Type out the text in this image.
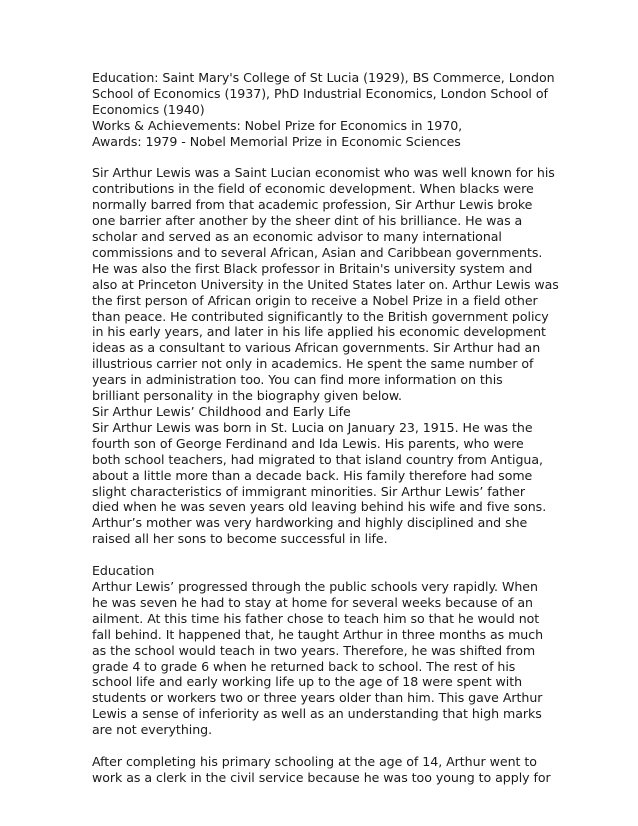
Education: Saint Mary's College of St Lucia (1929), BS Commerce, London
School of Economics (1937), PhD Industrial Economics, London School of
Economics (1940)
Works & Achievements: Nobel Prize for Economics in 1970,
Awards: 1979 - Nobel Memorial Prize in Economic Sciences
Sir Arthur Lewis was a Saint Lucian economist who was well known for his
contributions in the field of economic development. When blacks were
normally barred from that academic profession, Sir Arthur Lewis broke
one barrier after another by the sheer dint of his brilliance. He was a
scholar and served as an economic advisor to many international
commissions and to several African, Asian and Caribbean governments.
He was also the first Black professor in Britain's university system and
also at Princeton University in the United States later on. Arthur Lewis was
the first person of African origin to receive a Nobel Prize in a field other
than peace. He contributed significantly to the British government policy
in his early years, and later in his life applied his economic development
ideas as a consultant to various African governments. Sir Arthur had an
illustrious carrier not only in academics. He spent the same number of
years in administration too. You can find more information on this
brilliant personality in the biography given below.
Sir Arthur Lewis’ Childhood and Early Life
Sir Arthur Lewis was born in St. Lucia on January 23, 1915. He was the
fourth son of George Ferdinand and Ida Lewis. His parents, who were
both school teachers, had migrated to that island country from Antigua,
about a little more than a decade back. His family therefore had some
slight characteristics of immigrant minorities. Sir Arthur Lewis’ father
died when he was seven years old leaving behind his wife and five sons.
Arthur’s mother was very hardworking and highly disciplined and she
raised all her sons to become successful in life.
Education
Arthur Lewis’ progressed through the public schools very rapidly. When
he was seven he had to stay at home for several weeks because of an
ailment. At this time his father chose to teach him so that he would not
fall behind. It happened that, he taught Arthur in three months as much
as the school would teach in two years. Therefore, he was shifted from
grade 4 to grade 6 when he returned back to school. The rest of his
school life and early working life up to the age of 18 were spent with
students or workers two or three years older than him. This gave Arthur
Lewis a sense of inferiority as well as an understanding that high marks
are not everything.
After completing his primary schooling at the age of 14, Arthur went to
work as a clerk in the civil service because he was too young to apply for
